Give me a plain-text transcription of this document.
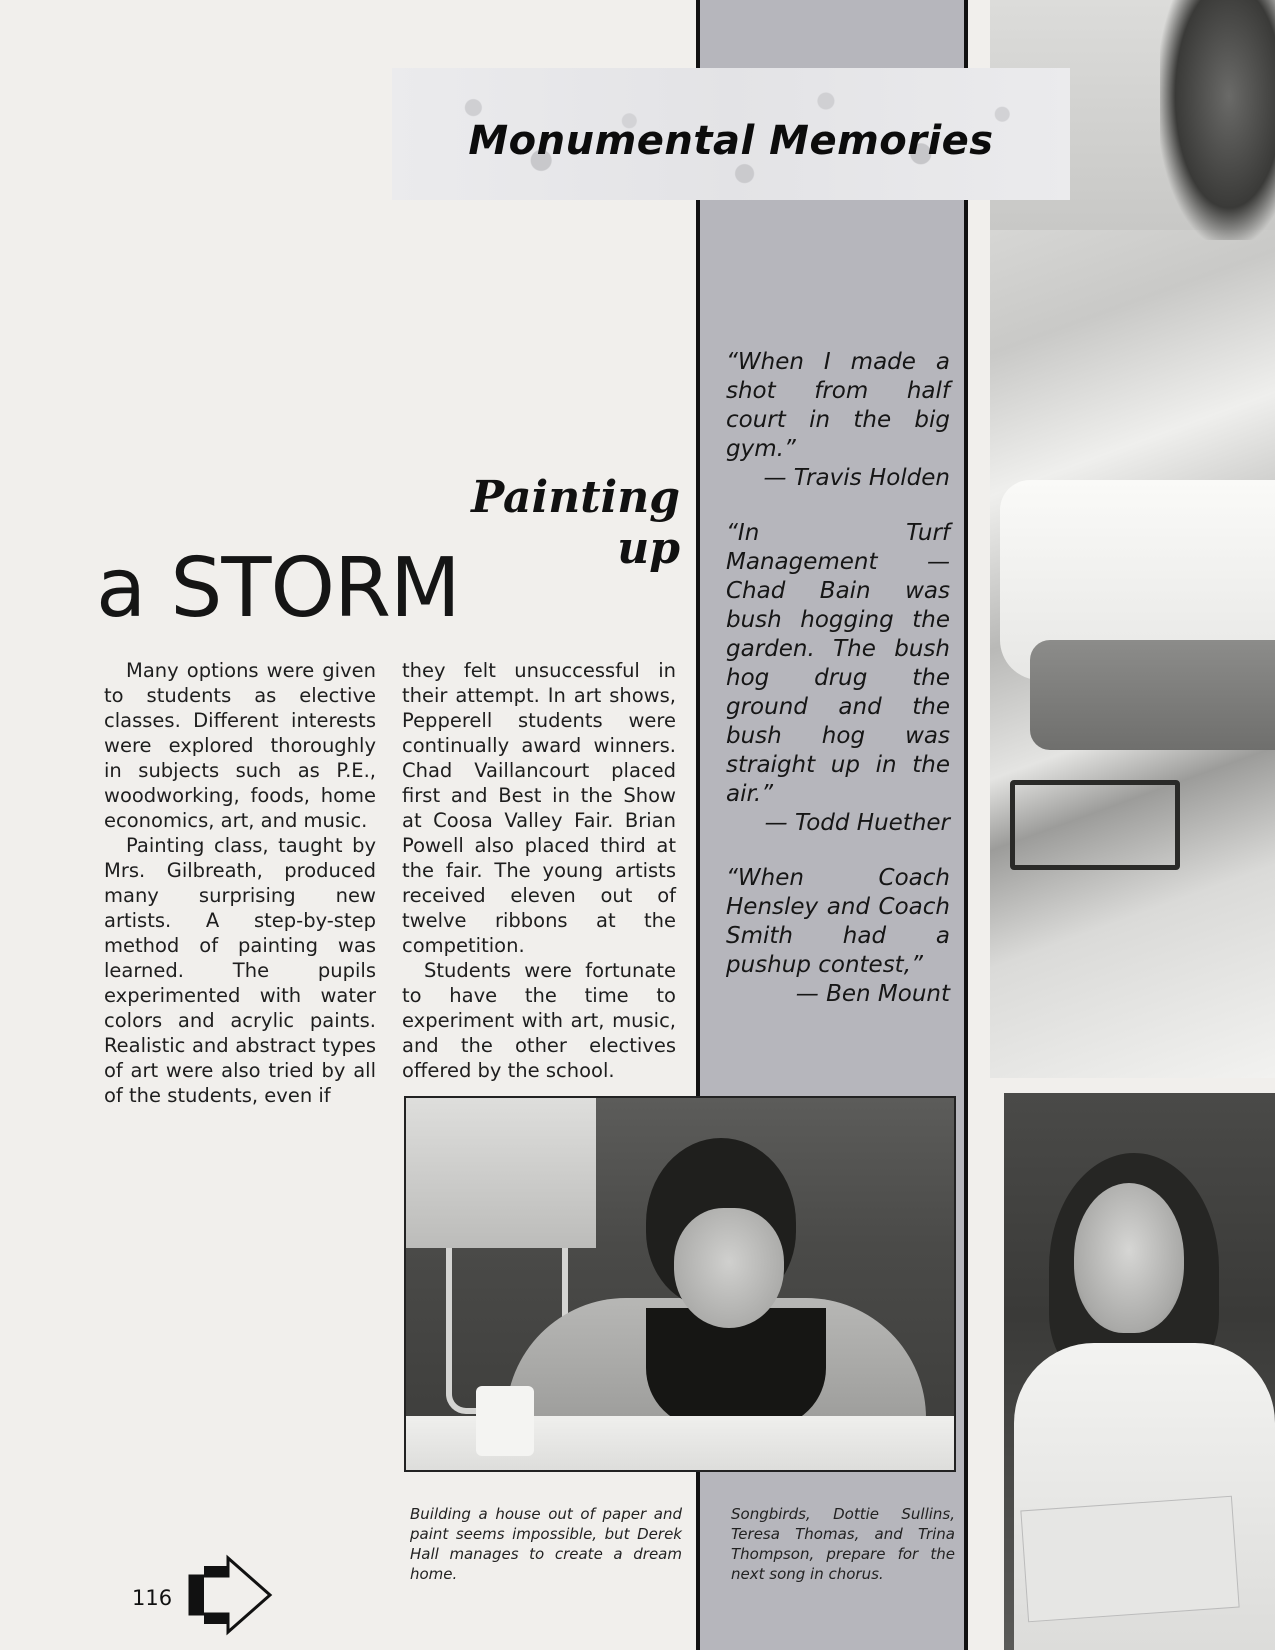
Monumental Memories
Painting up
a STORM

Many options were given to students as elective classes. Different interests were explored thoroughly in subjects such as P.E., woodworking, foods, home economics, art, and music.

Painting class, taught by Mrs. Gilbreath, produced many surprising new artists. A step-by-step method of painting was learned. The pupils experimented with water colors and acrylic paints. Realistic and abstract types of art were also tried by all of the students, even if

they felt unsuccessful in their attempt. In art shows, Pepperell students were continually award winners. Chad Vaillancourt placed first and Best in the Show at Coosa Valley Fair. Brian Powell also placed third at the fair. The young artists received eleven out of twelve ribbons at the competition.

Students were fortunate to have the time to experiment with art, music, and the other electives offered by the school.

“When I made a shot from half court in the big gym.”
— Travis Holden
“In Turf Management — Chad Bain was bush hogging the garden. The bush hog drug the ground and the bush hog was straight up in the air.”
— Todd Huether
“When Coach Hensley and Coach Smith had a pushup contest,”
— Ben Mount
Building a house out of paper and paint seems impossible, but Derek Hall manages to create a dream home.
Songbirds, Dottie Sullins, Teresa Thomas, and Trina Thompson, prepare for the next song in chorus.
116
